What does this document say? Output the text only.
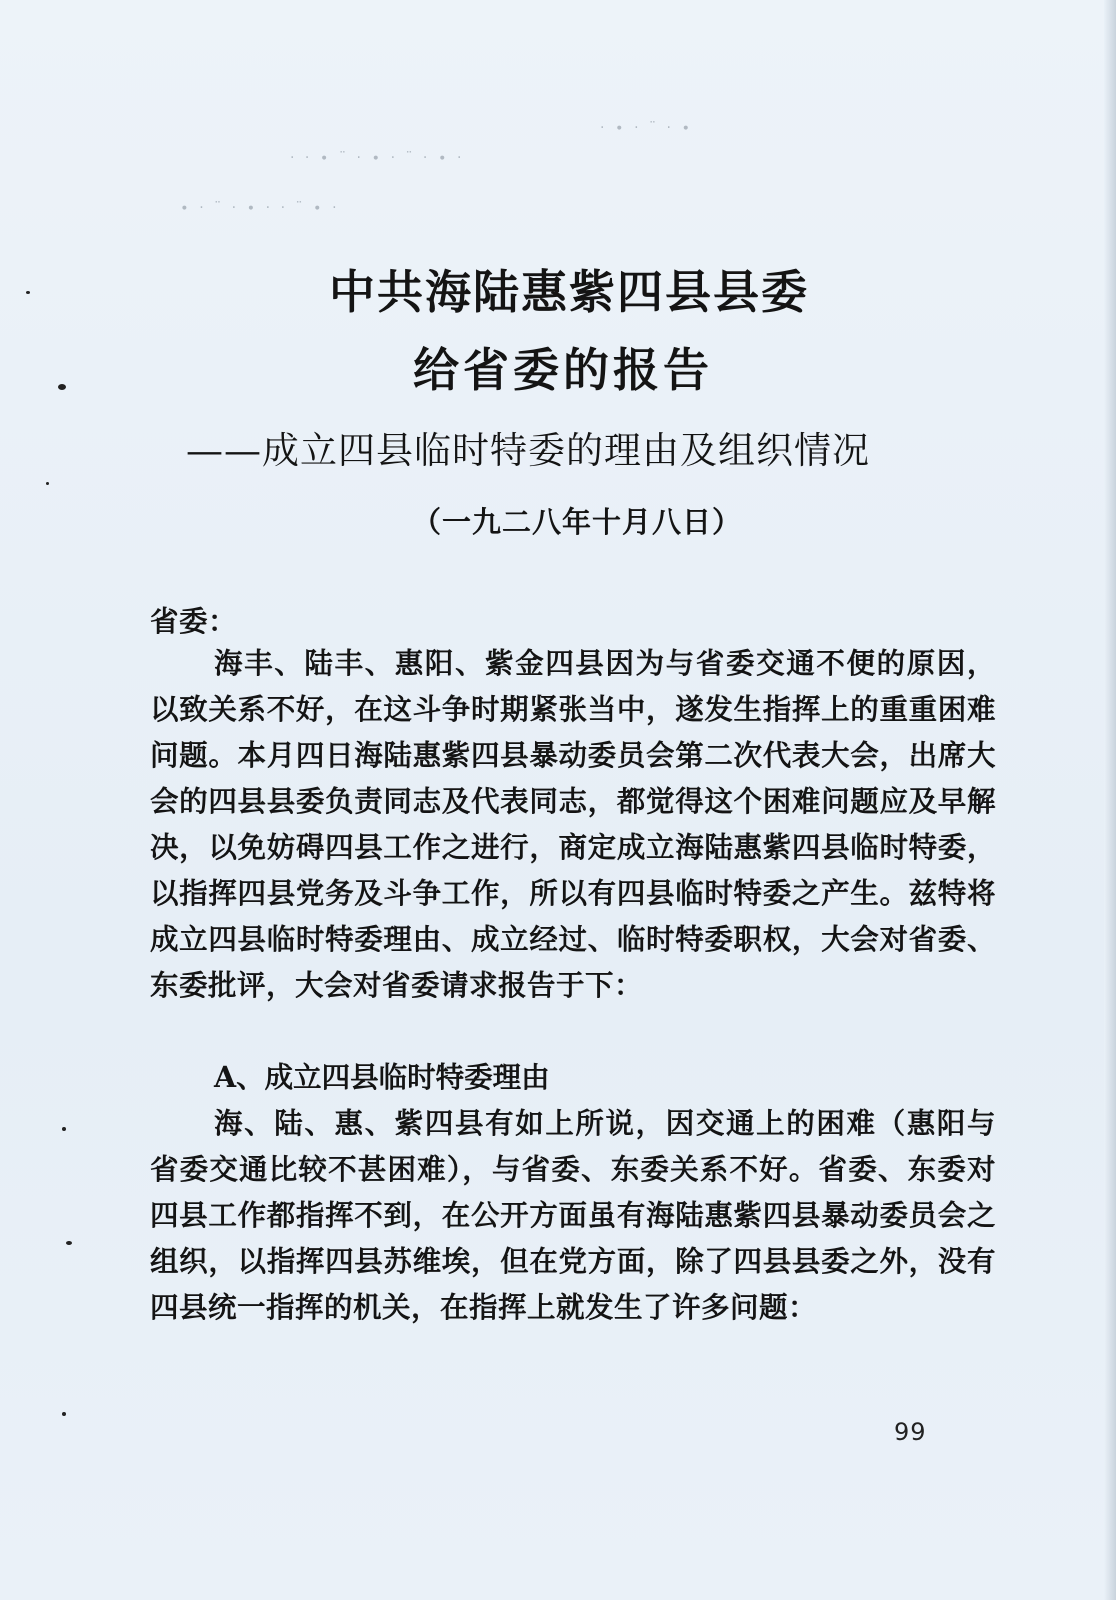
· · ∙ ¨ · ∙ · ¨ · ∙ ·
∙ · ¨ · ∙ · · ¨ ∙ ·
· ∙ · ¨ · ∙
中共海陆惠紫四县县委
给省委的报告
——成立四县临时特委的理由及组织情况
（一九二八年十月八日）
省委：
海丰、陆丰、惠阳、紫金四县因为与省委交通不便的原因，以致关系不好，在这斗争时期紧张当中，遂发生指挥上的重重困难问题。本月四日海陆惠紫四县暴动委员会第二次代表大会，出席大会的四县县委负责同志及代表同志，都觉得这个困难问题应及早解决，以免妨碍四县工作之进行，商定成立海陆惠紫四县临时特委，以指挥四县党务及斗争工作，所以有四县临时特委之产生。兹特将成立四县临时特委理由、成立经过、临时特委职权，大会对省委、东委批评，大会对省委请求报告于下：
A、成立四县临时特委理由
海、陆、惠、紫四县有如上所说，因交通上的困难（惠阳与省委交通比较不甚困难），与省委、东委关系不好。省委、东委对四县工作都指挥不到，在公开方面虽有海陆惠紫四县暴动委员会之组织，以指挥四县苏维埃，但在党方面，除了四县县委之外，没有四县统一指挥的机关，在指挥上就发生了许多问题：
99
